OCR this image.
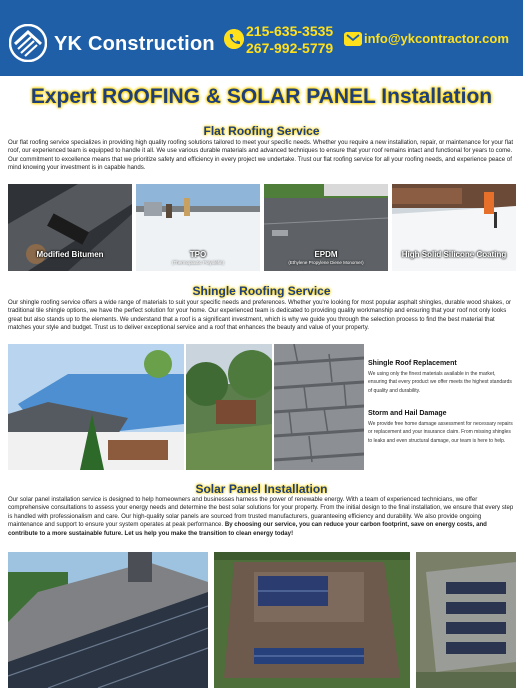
YK Construction
215-635-3535
267-992-5779
info@ykcontractor.com
Expert ROOFING & SOLAR PANEL Installation
Flat Roofing Service
Our flat roofing service specializes in providing high quality roofing solutions tailored to meet your specific needs. Whether you require a new installation, repair, or maintenance for your flat roof, our experienced team is equipped to handle it all. We use various durable materials and advanced techniques to ensure that your roof remains intact and functional for years to come. Our commitment to excellence means that we prioritize safety and efficiency in every project we undertake. Trust our flat roofing service for all your roofing needs, and experience peace of mind knowing your investment is in capable hands.
Modified Bitumen	TPO
(Thermoplastic Polyolefin)
EPDM
(Ethylene Propylene Diene Monomer)
High Solid Silicone Coating
Shingle Roofing Service
Our shingle roofing service offers a wide range of materials to suit your specific needs and preferences. Whether you're looking for most popular asphalt shingles, durable wood shakes, or traditional tile shingle options, we have the perfect solution for your home. Our experienced team is dedicated to providing quality workmanship and ensuring that your roof not only looks great but also stands up to the elements. We understand that a roof is a significant investment, which is why we guide you through the selection process to find the best material that matches your style and budget. Trust us to deliver exceptional service and a roof that enhances the beauty and value of your property.
Shingle Roof Replacement

We using only the finest materials available in the market, ensuring that every product we offer meets the highest standards of quality and durability.

Storm and Hail Damage

We provide free home damage assessment for necessary repairs or replacement and your insurance claim. From missing shingles to leaks and even structural damage, our team is here to help.

Solar Panel Installation
Our solar panel installation service is designed to help homeowners and businesses harness the power of renewable energy. With a team of experienced technicians, we offer comprehensive consultations to assess your energy needs and determine the best solar solutions for your property. From the initial design to the final installation, we ensure that every step is handled with professionalism and care. Our high-quality solar panels are sourced from trusted manufacturers, guaranteeing efficiency and durability. We also provide ongoing maintenance and support to ensure your system operates at peak performance. By choosing our service, you can reduce your carbon footprint, save on energy costs, and contribute to a more sustainable future. Let us help you make the transition to clean energy today!
